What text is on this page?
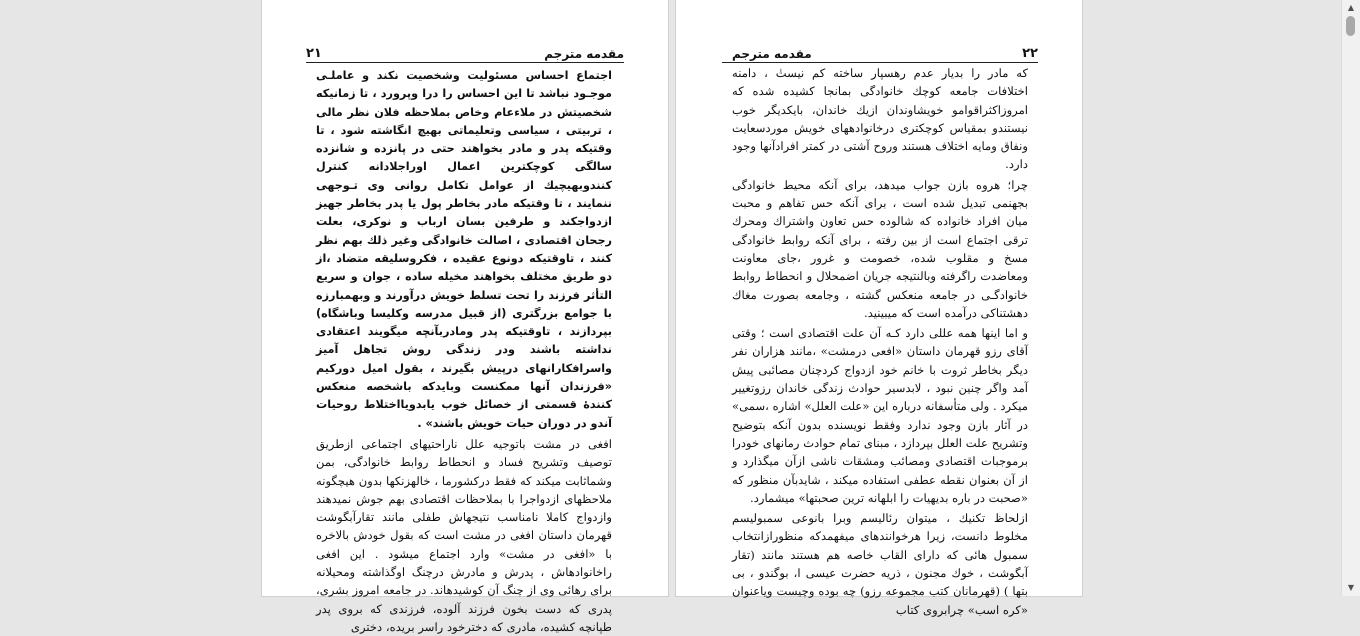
٢١	مقدمه مترجم

اجتماع احساس مسئولیت وشخصیت نکند و عاملـی موجـود نباشد تا این احساس را درا وپرورد ، تا زمانیکه شخصیتش در ملاءعام وخاص بملاحظه فلان نظر مالی ، تربیتی ، سیاسی وتعلیماتی بهیچ انگاشته شود ، تا وقتیکه پدر و مادر بخواهند حتی در پانزده و شانزده سالگی کوچکترین اعمال اوراجلادانه کنترل کنندوبهیچیك از عوامل تکامل روانی وی تـوجهی ننمایند ، تا وقتیکه مادر بخاطر پول یا پدر بخاطر جهیز ازدواجکند و طرفین بسان ارباب و نوکری، بعلت رجحان اقتصادی ، اصالت خانوادگی وغیر ذلك بهم نظر کنند ، تاوقتیکه دونوع عقیده ، فکروسلیقه متضاد ،از دو طریق مختلف بخواهند مخیله ساده ، جوان و سریع التأثر فرزند را تحت تسلط خویش درآورند و وبهمبارزه با جوامع بزرگتری (از قبیل مدرسه وکلیسا وباشگاه) بپردازند ، تاوقتیکه پدر ومادربآنچه میگویند اعتقادی نداشته باشند ودر زندگی روش تجاهل آمیز واسرافکارانهای درپیش بگیرند ، بقول امیل دورکیم «فرزندان آنها ممکنست وبایدکه باشخصه منعکس کنندهٔ قسمتی از خصائل خوب یابدویااختلاط روحیات آندو در دوران حیات خویش باشند» .

افغی در مشت باتوجیه علل ناراحتیهای اجتماعی ازطریق توصیف وتشریح فساد و انحطاط روابط خانوادگی، بمن وشماثابت میکند که فقط درکشورما ، خالهزنکها بدون هیچگونه ملاحظهای ازدواجرا با بملاحظات اقتصادی بهم جوش نمیدهند وازدواج کاملا نامناسب نتیجهاش طفلی مانند تقارآبگوشت قهرمان داستان افغی در مشت است که بقول خودش بالاخره با «افغی در مشت» وارد اجتماع میشود . این افغی راخانوادهاش ، پدرش و مادرش درچنگ اوگذاشته ومحیلانه برای رهائی وی از چنگ آن کوشیدهاند. در جامعه امروز بشری، پدری که دست بخون فرزند آلوده، فرزندی که بروی پدر طپانچه کشیده، مادری که دخترخود راسر بریده، دختری

مقدمه مترجم	٢٢

که مادر را بدیار عدم رهسپار ساخته کم نیستٰ ، دامنه اختلافات جامعه کوچك خانوادگی بمانجا کشیده شده که امروزاکثراقوامو خویشاوندان ازیك خاندان، بایکدیگر خوب نیستندو بمقیاس کوچکتری درخانوادههای خویش موردسعایت ونفاق ومایه اختلاف هستند وروح آشتی در کمتر افرادآنها وجود دارد.

چرا؛ هروه بازن جواب میدهد، برای آنکه محیط خانوادگی بجهنمی تبدیل شده است ، برای آنکه حس تفاهم و محبت میان افراد خانواده که شالوده حس تعاون واشتراك ومحرك ترقی اجتماع است از بین رفته ، برای آنکه روابط خانوادگی مسخ و مقلوب شده، خصومت و غرور ،جای معاونت ومعاضدت راگرفته وبالنتیجه جریان اضمحلال و انحطاط روابط خانوادگـی در جامعه منعکس گشته ، وجامعه بصورت مغاك دهشتناکی درآمده است که میبینید.

و اما اینها همه عللی دارد کـه آن علت اقتصادی است ؛ وقتی آقای رزو قهرمان داستان «افعی درمشت» ،مانند هزاران نفر دیگر بخاطر ثروت با خانم خود ازدواج کردچنان مصائبی پیش آمد واگر چنین نبود ، لابدسیر حوادث زندگی خاندان رزوتغییر میکرد . ولی متأسفانه درباره این «علت العلل» اشاره ،سمی» در آثار بازن وجود ندارد وفقط نویسنده بدون آنکه بتوضیح وتشریح علت العلل بپردازد ، مبنای تمام حوادث رمانهای خودرا برموجبات اقتصادی ومصائب ومشقات ناشی ازآن میگذارد و از آن بعنوان نقطه عطفی استفاده میکند ، شایدبآن منظور که «صحبت در باره بدیهیات را ابلهانه ترین صحبتها» میشمارد.

ازلحاظ تکنیك ، میتوان رئالیسم وبرا بانوعی سمبولیسم مخلوط دانست، زیرا هرخوانندهای میفهمدکه منظورازانتخاب سمبول‌ هائی که دارای القاب خاصه هم هستند مانند (تقار آبگوشت ، خوك مجنون ، ذریه حضرت عیسی ا، بوگندو ، بی بتها ) (قهرمانان کتب مجموعه رزو) چه بوده وچیست ویاعنوان «کره اسب» چرابروی کتاب

▲
▼
